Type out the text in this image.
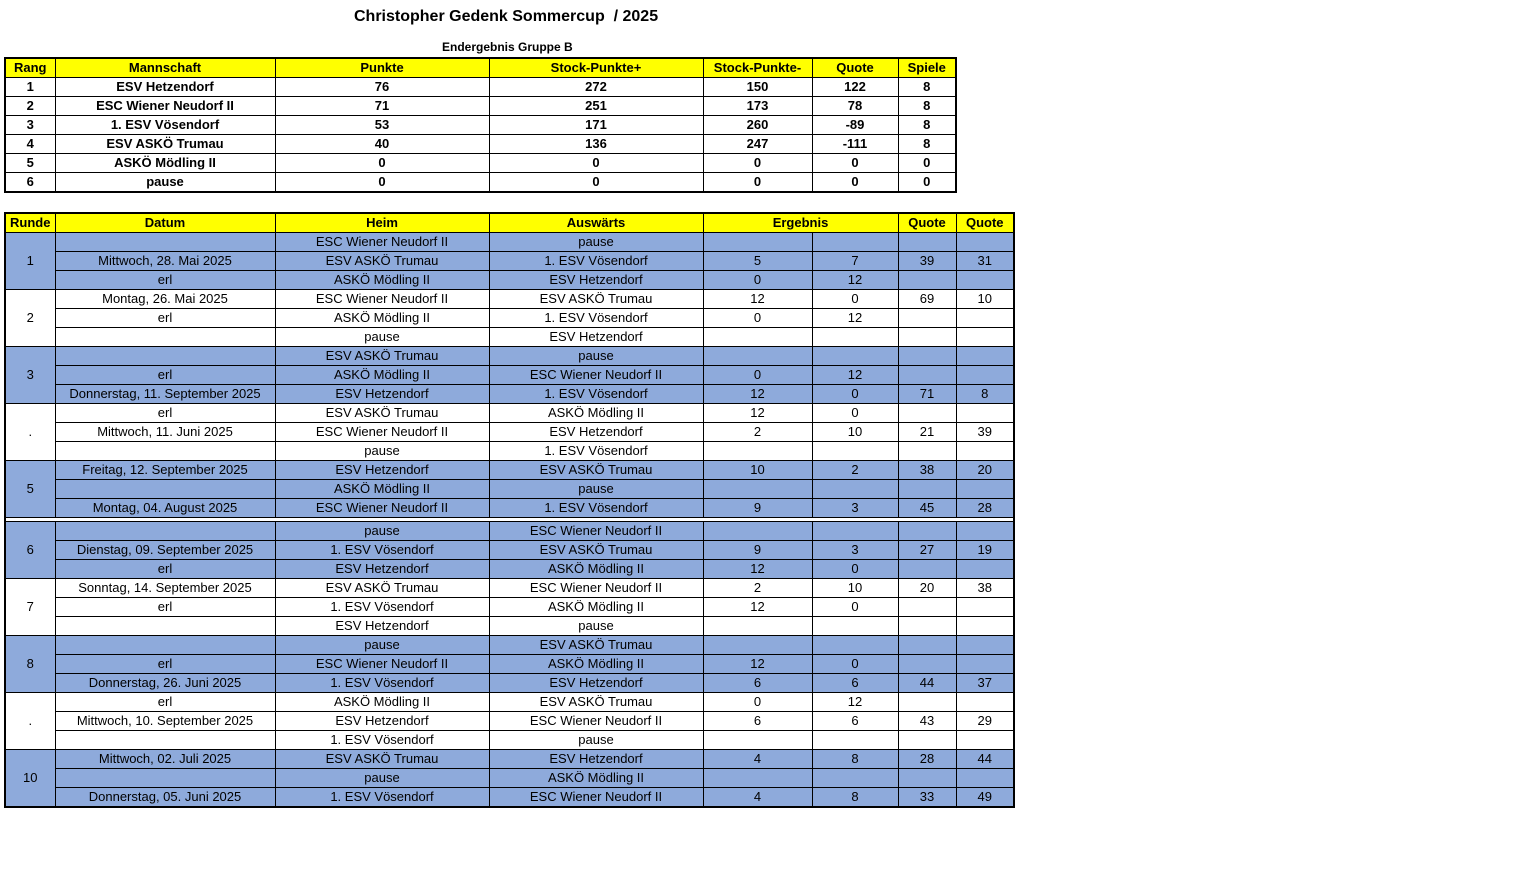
Christopher Gedenk Sommercup  / 2025
Endergebnis Gruppe B
Rang	Mannschaft	Punkte	Stock-Punkte+	Stock-Punkte-	Quote	Spiele
1	ESV Hetzendorf	76	272	150	122	8
2	ESC Wiener Neudorf II	71	251	173	78	8
3	1. ESV Vösendorf	53	171	260	-89	8
4	ESV ASKÖ Trumau	40	136	247	-111	8
5	ASKÖ Mödling II	0	0	0	0	0
6	pause	0	0	0	0	0
Runde	Datum	Heim	Auswärts	Ergebnis		Quote	Quote
1		ESC Wiener Neudorf II	pause				
	Mittwoch, 28. Mai 2025	ESV ASKÖ Trumau	1. ESV Vösendorf	5	7	39	31
	erl	ASKÖ Mödling II	ESV Hetzendorf	0	12		
2	Montag, 26. Mai 2025	ESC Wiener Neudorf II	ESV ASKÖ Trumau	12	0	69	10
	erl	ASKÖ Mödling II	1. ESV Vösendorf	0	12		
		pause	ESV Hetzendorf				
3		ESV ASKÖ Trumau	pause				
	erl	ASKÖ Mödling II	ESC Wiener Neudorf II	0	12		
	Donnerstag, 11. September 2025	ESV Hetzendorf	1. ESV Vösendorf	12	0	71	8
.	erl	ESV ASKÖ Trumau	ASKÖ Mödling II	12	0		
	Mittwoch, 11. Juni 2025	ESC Wiener Neudorf II	ESV Hetzendorf	2	10	21	39
		pause	1. ESV Vösendorf				
5	Freitag, 12. September 2025	ESV Hetzendorf	ESV ASKÖ Trumau	10	2	38	20
		ASKÖ Mödling II	pause				
	Montag, 04. August 2025	ESC Wiener Neudorf II	1. ESV Vösendorf	9	3	45	28

6		pause	ESC Wiener Neudorf II				
	Dienstag, 09. September 2025	1. ESV Vösendorf	ESV ASKÖ Trumau	9	3	27	19
	erl	ESV Hetzendorf	ASKÖ Mödling II	12	0		
7	Sonntag, 14. September 2025	ESV ASKÖ Trumau	ESC Wiener Neudorf II	2	10	20	38
	erl	1. ESV Vösendorf	ASKÖ Mödling II	12	0		
		ESV Hetzendorf	pause				
8		pause	ESV ASKÖ Trumau				
	erl	ESC Wiener Neudorf II	ASKÖ Mödling II	12	0		
	Donnerstag, 26. Juni 2025	1. ESV Vösendorf	ESV Hetzendorf	6	6	44	37
.	erl	ASKÖ Mödling II	ESV ASKÖ Trumau	0	12		
	Mittwoch, 10. September 2025	ESV Hetzendorf	ESC Wiener Neudorf II	6	6	43	29
		1. ESV Vösendorf	pause				
10	Mittwoch, 02. Juli 2025	ESV ASKÖ Trumau	ESV Hetzendorf	4	8	28	44
		pause	ASKÖ Mödling II				
	Donnerstag, 05. Juni 2025	1. ESV Vösendorf	ESC Wiener Neudorf II	4	8	33	49
